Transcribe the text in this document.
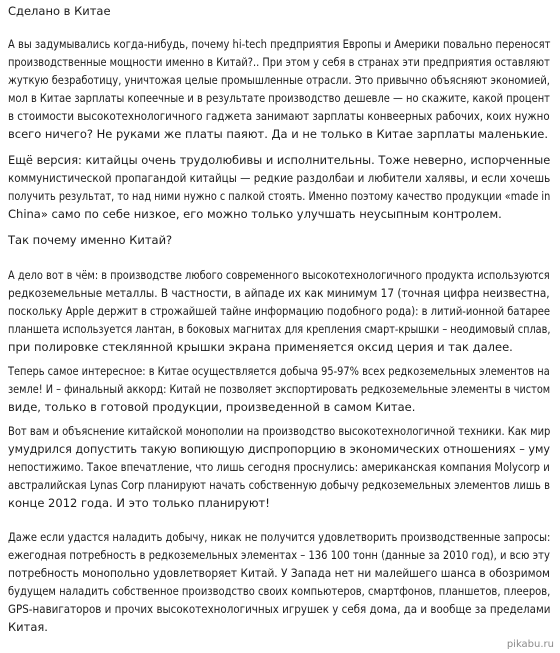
Сделано в Китае

А вы задумывались когда-нибудь, почему hi-tech предприятия Европы и Америки повально переносят
производственные мощности именно в Китай?.. При этом у себя в странах эти предприятия оставляют
жуткую безработицу, уничтожая целые промышленные отрасли. Это привычно объясняют экономией,
мол в Китае зарплаты копеечные и в результате производство дешевле — но скажите, какой процент
в стоимости высокотехнологичного гаджета занимают зарплаты конвеерных рабочих, коих нужно
всего ничего? Не руками же платы паяют. Да и не только в Китае зарплаты маленькие.

Ещё версия: китайцы очень трудолюбивы и исполнительны. Тоже неверно, испорченные
коммунистической пропагандой китайцы — редкие раздолбаи и любители халявы, и если хочешь
получить результат, то над ними нужно с палкой стоять. Именно поэтому качество продукции «made in
China» само по себе низкое, его можно только улучшать неусыпным контролем.

Так почему именно Китай?

А дело вот в чём: в производстве любого современного высокотехнологичного продукта используются
редкоземельные металлы. В частности, в айпаде их как минимум 17 (точная цифра неизвестна,
поскольку Apple держит в строжайшей тайне информацию подобного рода): в литий-ионной батарее
планшета используется лантан, в боковых магнитах для крепления смарт-крышки – неодимовый сплав,
при полировке стеклянной крышки экрана применяется оксид церия и так далее.

Теперь самое интересное: в Китае осуществляется добыча 95-97% всех редкоземельных элементов на
земле! И – финальный аккорд: Китай не позволяет экспортировать редкоземельные элементы в чистом
виде, только в готовой продукции, произведенной в самом Китае.

Вот вам и объяснение китайской монополии на производство высокотехнологичной техники. Как мир
умудрился допустить такую вопиющую диспропорцию в экономических отношениях – уму
непостижимо. Такое впечатление, что лишь сегодня проснулись: американская компания Molycorp и
австралийская Lynas Corp планируют начать собственную добычу редкоземельных элементов лишь в
конце 2012 года. И это только планируют!

Даже если удастся наладить добычу, никак не получится удовлетворить производственные запросы:
ежегодная потребность в редкоземельных элементах – 136 100 тонн (данные за 2010 год), и всю эту
потребность монопольно удовлетворяет Китай. У Запада нет ни малейшего шанса в обозримом
будущем наладить собственное производство своих компьютеров, смартфонов, планшетов, плееров,
GPS-навигаторов и прочих высокотехнологичных игрушек у себя дома, да и вообще за пределами
Китая.

pikabu.ru
